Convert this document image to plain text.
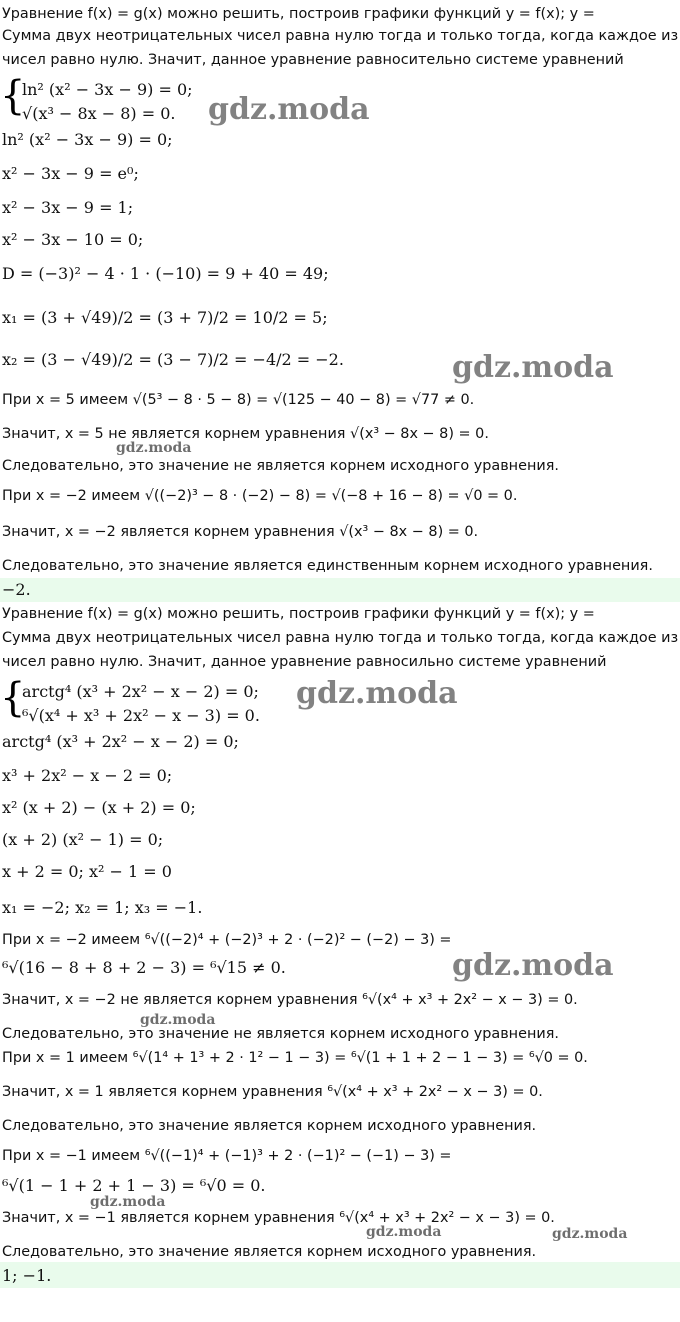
Уравнение f(x) = g(x) можно решить, построив графики функций y = f(x); y =
Сумма двух неотрицательных чисел равна нулю тогда и только тогда, когда каждое из
чисел равно нулю. Значит, данное уравнение равносительно системе уравнений
{
ln² (x² − 3x − 9) = 0;
√(x³ − 8x − 8) = 0.
ln² (x² − 3x − 9) = 0;
x² − 3x − 9 = e⁰;
x² − 3x − 9 = 1;
x² − 3x − 10 = 0;
D = (−3)² − 4 · 1 · (−10) = 9 + 40 = 49;
x₁ = (3 + √49)/2 = (3 + 7)/2 = 10/2 = 5;
x₂ = (3 − √49)/2 = (3 − 7)/2 = −4/2 = −2.
При x = 5 имеем √(5³ − 8 · 5 − 8) = √(125 − 40 − 8) = √77 ≠ 0.
Значит, x = 5 не является корнем уравнения √(x³ − 8x − 8) = 0.
Следовательно, это значение не является корнем исходного уравнения.
При x = −2 имеем √((−2)³ − 8 · (−2) − 8) = √(−8 + 16 − 8) = √0 = 0.
Значит, x = −2 является корнем уравнения √(x³ − 8x − 8) = 0.
Следовательно, это значение является единственным корнем исходного уравнения.
−2.
Уравнение f(x) = g(x) можно решить, построив графики функций y = f(x); y =
Сумма двух неотрицательных чисел равна нулю тогда и только тогда, когда каждое из
чисел равно нулю. Значит, данное уравнение равносильно системе уравнений
{
arctg⁴ (x³ + 2x² − x − 2) = 0;
⁶√(x⁴ + x³ + 2x² − x − 3) = 0.
arctg⁴ (x³ + 2x² − x − 2) = 0;
x³ + 2x² − x − 2 = 0;
x² (x + 2) − (x + 2) = 0;
(x + 2) (x² − 1) = 0;
x + 2 = 0; x² − 1 = 0
x₁ = −2; x₂ = 1; x₃ = −1.
При x = −2 имеем ⁶√((−2)⁴ + (−2)³ + 2 · (−2)² − (−2) − 3) =
⁶√(16 − 8 + 8 + 2 − 3) = ⁶√15 ≠ 0.
Значит, x = −2 не является корнем уравнения ⁶√(x⁴ + x³ + 2x² − x − 3) = 0.
Следовательно, это значение не является корнем исходного уравнения.
При x = 1 имеем ⁶√(1⁴ + 1³ + 2 · 1² − 1 − 3) = ⁶√(1 + 1 + 2 − 1 − 3) = ⁶√0 = 0.
Значит, x = 1 является корнем уравнения ⁶√(x⁴ + x³ + 2x² − x − 3) = 0.
Следовательно, это значение является корнем исходного уравнения.
При x = −1 имеем ⁶√((−1)⁴ + (−1)³ + 2 · (−1)² − (−1) − 3) =
⁶√(1 − 1 + 2 + 1 − 3) = ⁶√0 = 0.
Значит, x = −1 является корнем уравнения ⁶√(x⁴ + x³ + 2x² − x − 3) = 0.
Следовательно, это значение является корнем исходного уравнения.
1; −1.
gdz.moda
gdz.moda
gdz.moda
gdz.moda
gdz.moda
gdz.moda
gdz.moda
gdz.moda	gdz.moda
